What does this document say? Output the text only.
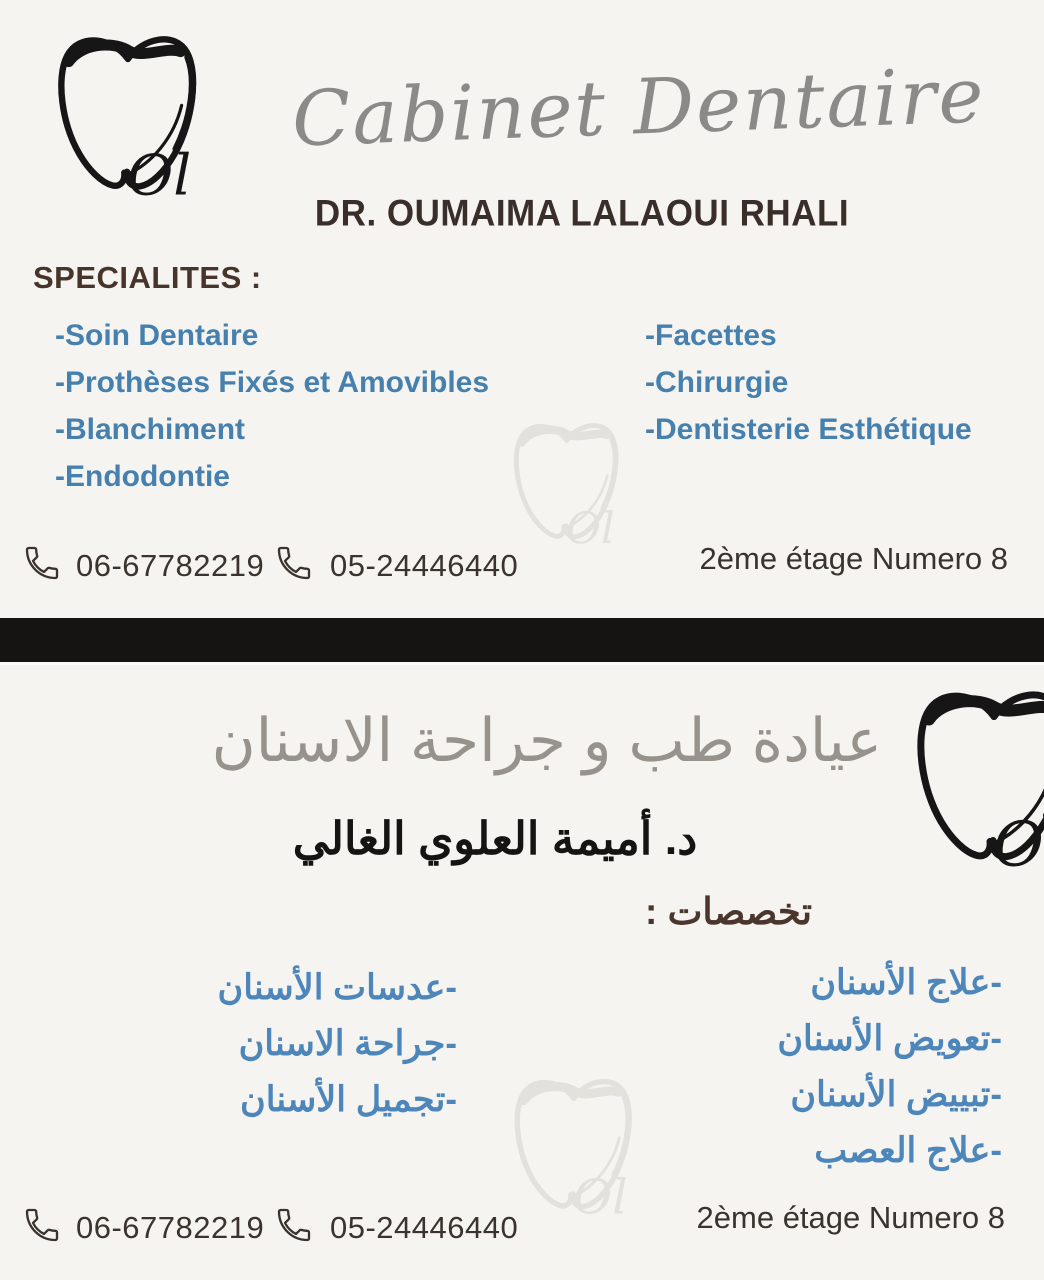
Cabinet Dentaire
DR. OUMAIMA LALAOUI RHALI
SPECIALITES :
-Soin Dentaire
-Prothèses Fixés et Amovibles
-Blanchiment
-Endodontie
-Facettes
-Chirurgie
-Dentisterie Esthétique
06-67782219 05-24446440	2ème étage Numero 8
عيادة طب و جراحة الاسنان
د. أميمة العلوي الغالي
تخصصات :
-علاج الأسنان
-تعويض الأسنان
-تبييض الأسنان
-علاج العصب
-عدسات الأسنان
-جراحة الاسنان
-تجميل الأسنان
06-67782219 05-24446440	2ème étage Numero 8
